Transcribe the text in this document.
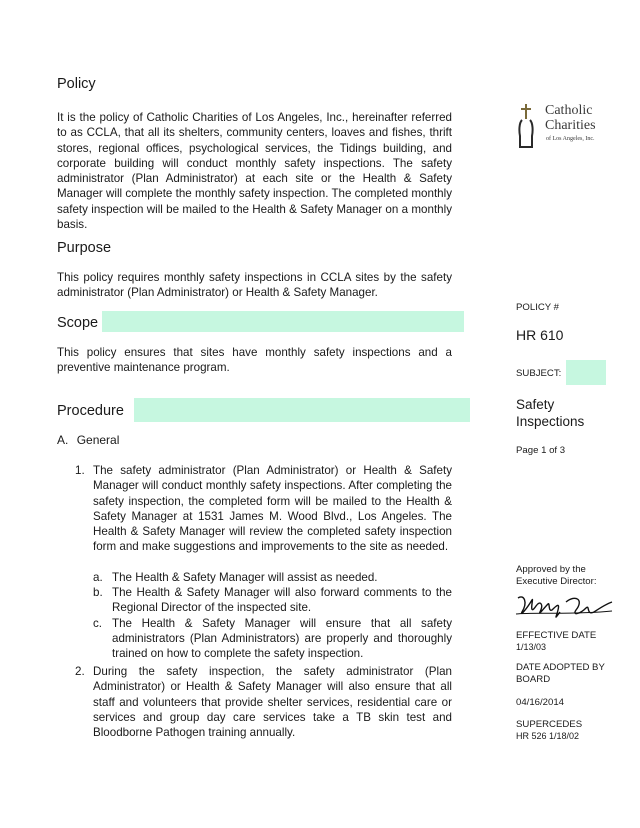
Policy
It is the policy of Catholic Charities of Los Angeles, Inc., hereinafter referred to as CCLA, that all its shelters, community centers, loaves and fishes, thrift stores, regional offices, psychological services, the Tidings building, and corporate building will conduct monthly safety inspections. The safety administrator (Plan Administrator) at each site or the Health & Safety Manager will complete the monthly safety inspection. The completed monthly safety inspection will be mailed to the Health & Safety Manager on a monthly basis.
Purpose
This policy requires monthly safety inspections in CCLA sites by the safety administrator (Plan Administrator) or Health & Safety Manager.
Scope
This policy ensures that sites have monthly safety inspections and a preventive maintenance program.
Procedure
A. General
1. The safety administrator (Plan Administrator) or Health & Safety Manager will conduct monthly safety inspections. After completing the safety inspection, the completed form will be mailed to the Health & Safety Manager at 1531 James M. Wood Blvd., Los Angeles. The Health & Safety Manager will review the completed safety inspection form and make suggestions and improvements to the site as needed.
a. The Health & Safety Manager will assist as needed.
b. The Health & Safety Manager will also forward comments to the Regional Director of the inspected site.
c. The Health & Safety Manager will ensure that all safety administrators (Plan Administrators) are properly and thoroughly trained on how to complete the safety inspection.
2. During the safety inspection, the safety administrator (Plan Administrator) or Health & Safety Manager will also ensure that all staff and volunteers that provide shelter services, residential care or services and group day care services take a TB skin test and Bloodborne Pathogen training annually.
Catholic
Charities
of Los Angeles, Inc.
POLICY #
HR 610
SUBJECT:
Safety
Inspections
Page 1 of 3
Approved by the
Executive Director:
EFFECTIVE DATE
1/13/03
DATE ADOPTED BY
BOARD
04/16/2014
SUPERCEDES
HR 526 1/18/02
